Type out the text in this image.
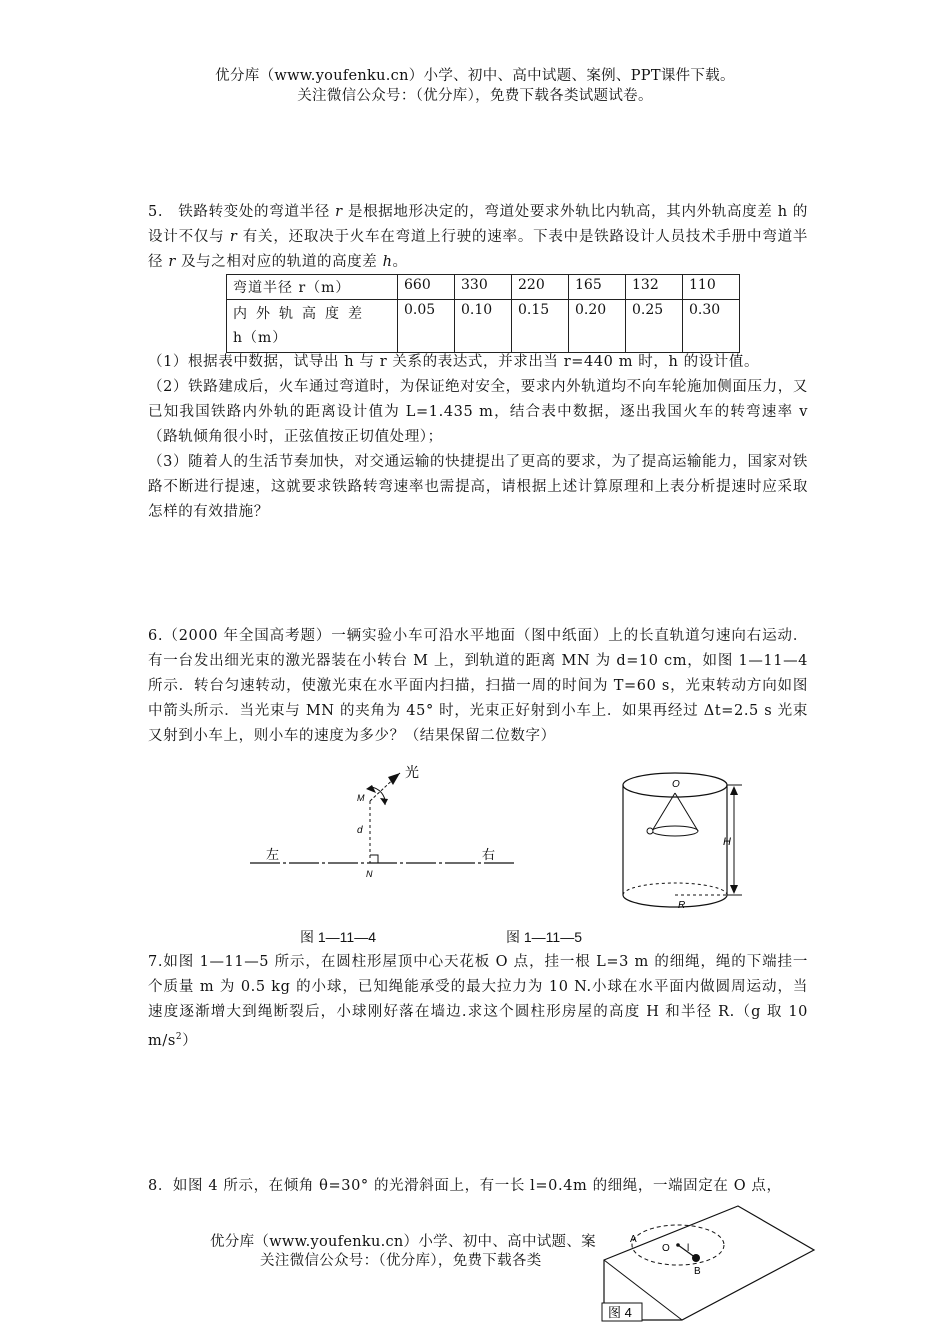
优分库（www.youfenku.cn）小学、初中、高中试题、案例、PPT课件下载。
关注微信公众号：（优分库），免费下载各类试题试卷。
5.　铁路转变处的弯道半径 r 是根据地形决定的，弯道处要求外轨比内轨高，其内外轨高度差 h 的设计不仅与 r 有关，还取决于火车在弯道上行驶的速率。下表中是铁路设计人员技术手册中弯道半径 r 及与之相对应的轨道的高度差 h。
弯道半径 r（m）	660	330	220	165	132	110

内外轨高度差
h（m）	0.05	0.10	0.15	0.20	0.25	0.30
（1）根据表中数据，试导出 h 与 r 关系的表达式，并求出当 r=440 m 时，h 的设计值。
（2）铁路建成后，火车通过弯道时，为保证绝对安全，要求内外轨道均不向车轮施加侧面压力，又已知我国铁路内外轨的距离设计值为 L=1.435 m，结合表中数据，逐出我国火车的转弯速率 v（路轨倾角很小时，正弦值按正切值处理）；
（3）随着人的生活节奏加快，对交通运输的快捷提出了更高的要求，为了提高运输能力，国家对铁路不断进行提速，这就要求铁路转弯速率也需提高，请根据上述计算原理和上表分析提速时应采取怎样的有效措施？
6.（2000 年全国高考题）一辆实验小车可沿水平地面（图中纸面）上的长直轨道匀速向右运动．有一台发出细光束的激光器装在小转台 M 上，到轨道的距离 MN 为 d=10 cm，如图 1—11—4 所示．转台匀速转动，使激光束在水平面内扫描，扫描一周的时间为 T=60 s，光束转动方向如图中箭头所示．当光束与 MN 的夹角为 45° 时，光束正好射到小车上．如果再经过 Δt=2.5 s 光束又射到小车上，则小车的速度为多少？（结果保留二位数字）
光
M
d
左	右
N
图 1—11—4
O
H
R
图 1—11—5
7.如图 1—11—5 所示，在圆柱形屋顶中心天花板 O 点，挂一根 L=3 m 的细绳，绳的下端挂一个质量 m 为 0.5 kg 的小球，已知绳能承受的最大拉力为 10 N.小球在水平面内做圆周运动，当速度逐渐增大到绳断裂后，小球刚好落在墙边.求这个圆柱形房屋的高度 H 和半径 R.（g 取 10 $m/s^2$）
8．如图 4 所示，在倾角 θ=30° 的光滑斜面上，有一长 l=0.4m 的细绳，一端固定在 O 点，
优分库（www.youfenku.cn）小学、初中、高中试题、案
关注微信公众号：（优分库），免费下载各类
A
O l
B
图 4
